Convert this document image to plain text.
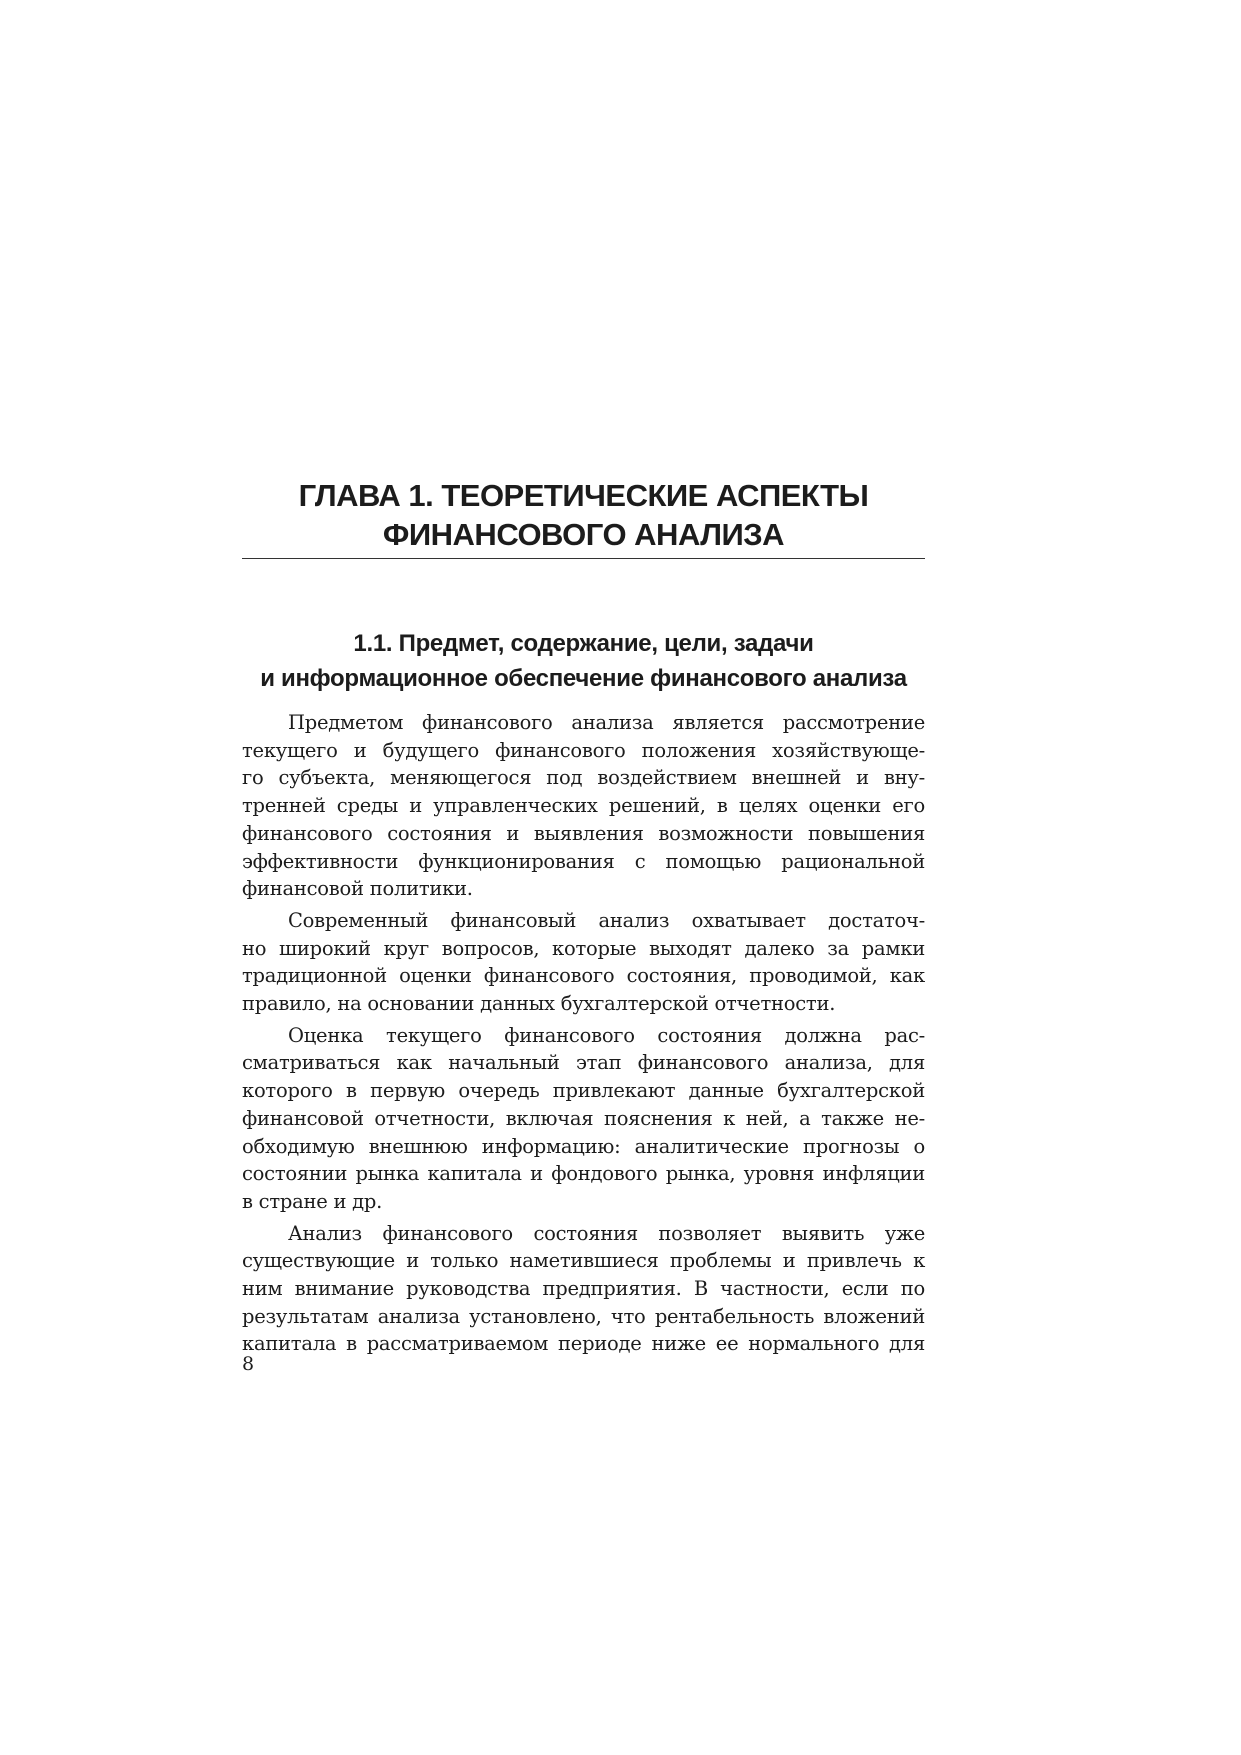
ГЛАВА 1. ТЕОРЕТИЧЕСКИЕ АСПЕКТЫ
ФИНАНСОВОГО АНАЛИЗА
1.1. Предмет, содержание, цели, задачи
и информационное обеспечение финансового анализа

Предметом финансового анализа является рассмотрение
текущего и будущего финансового положения хозяйствующе-
го субъекта, меняющегося под воздействием внешней и вну-
тренней среды и управленческих решений, в целях оценки его
финансового состояния и выявления возможности повышения
эффективности функционирования с помощью рациональной
финансовой политики.

Современный финансовый анализ охватывает достаточ-
но широкий круг вопросов, которые выходят далеко за рамки
традиционной оценки финансового состояния, проводимой, как
правило, на основании данных бухгалтерской отчетности.

Оценка текущего финансового состояния должна рас-
сматриваться как начальный этап финансового анализа, для
которого в первую очередь привлекают данные бухгалтерской
финансовой отчетности, включая пояснения к ней, а также не-
обходимую внешнюю информацию: аналитические прогнозы о
состоянии рынка капитала и фондового рынка, уровня инфляции
в стране и др.

Анализ финансового состояния позволяет выявить уже
существующие и только наметившиеся проблемы и привлечь к
ним внимание руководства предприятия. В частности, если по
результатам анализа установлено, что рентабельность вложений
капитала в рассматриваемом периоде ниже ее нормального для

8
